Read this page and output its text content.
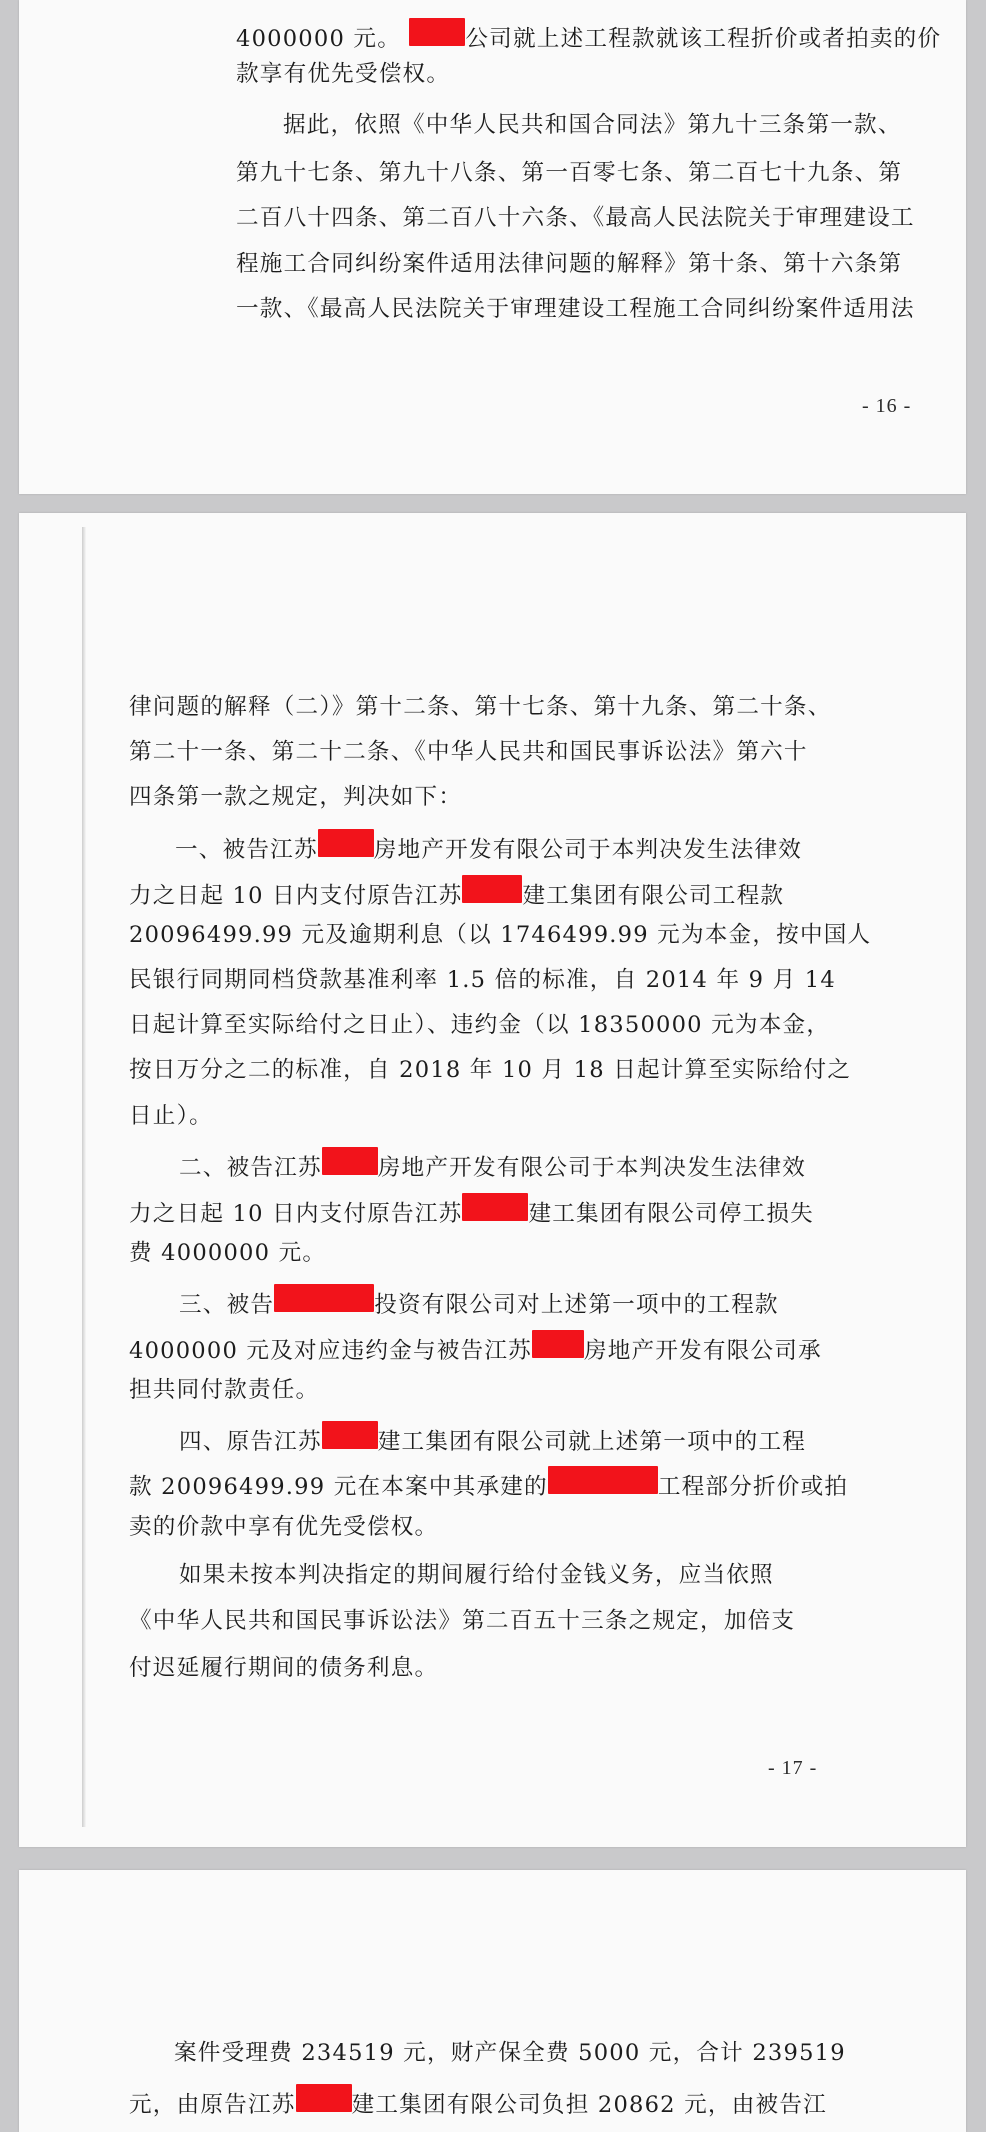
4000000 元。	公司就上述工程款就该工程折价或者拍卖的价
款享有优先受偿权。
据此，依照《中华人民共和国合同法》第九十三条第一款、
第九十七条、第九十八条、第一百零七条、第二百七十九条、第
二百八十四条、第二百八十六条、《最高人民法院关于审理建设工
程施工合同纠纷案件适用法律问题的解释》第十条、第十六条第
一款、《最高人民法院关于审理建设工程施工合同纠纷案件适用法
- 16 -
律问题的解释（二）》第十二条、第十七条、第十九条、第二十条、
第二十一条、第二十二条、《中华人民共和国民事诉讼法》第六十
四条第一款之规定，判决如下：
一、被告江苏 房地产开发有限公司于本判决发生法律效
力之日起 10 日内支付原告江苏	建工集团有限公司工程款
20096499.99 元及逾期利息（以 1746499.99 元为本金，按中国人
民银行同期同档贷款基准利率 1.5 倍的标准，自 2014 年 9 月 14
日起计算至实际给付之日止）、违约金（以 18350000 元为本金，
按日万分之二的标准，自 2018 年 10 月 18 日起计算至实际给付之
日止）。
二、被告江苏 房地产开发有限公司于本判决发生法律效
力之日起 10 日内支付原告江苏	建工集团有限公司停工损失
费 4000000 元。
三、被告	投资有限公司对上述第一项中的工程款
4000000 元及对应违约金与被告江苏 房地产开发有限公司承
担共同付款责任。
四、原告江苏 建工集团有限公司就上述第一项中的工程
款 20096499.99 元在本案中其承建的	工程部分折价或拍
卖的价款中享有优先受偿权。
如果未按本判决指定的期间履行给付金钱义务，应当依照
《中华人民共和国民事诉讼法》第二百五十三条之规定，加倍支
付迟延履行期间的债务利息。
- 17 -
案件受理费 234519 元，财产保全费 5000 元，合计 239519
元，由原告江苏 建工集团有限公司负担 20862 元，由被告江
